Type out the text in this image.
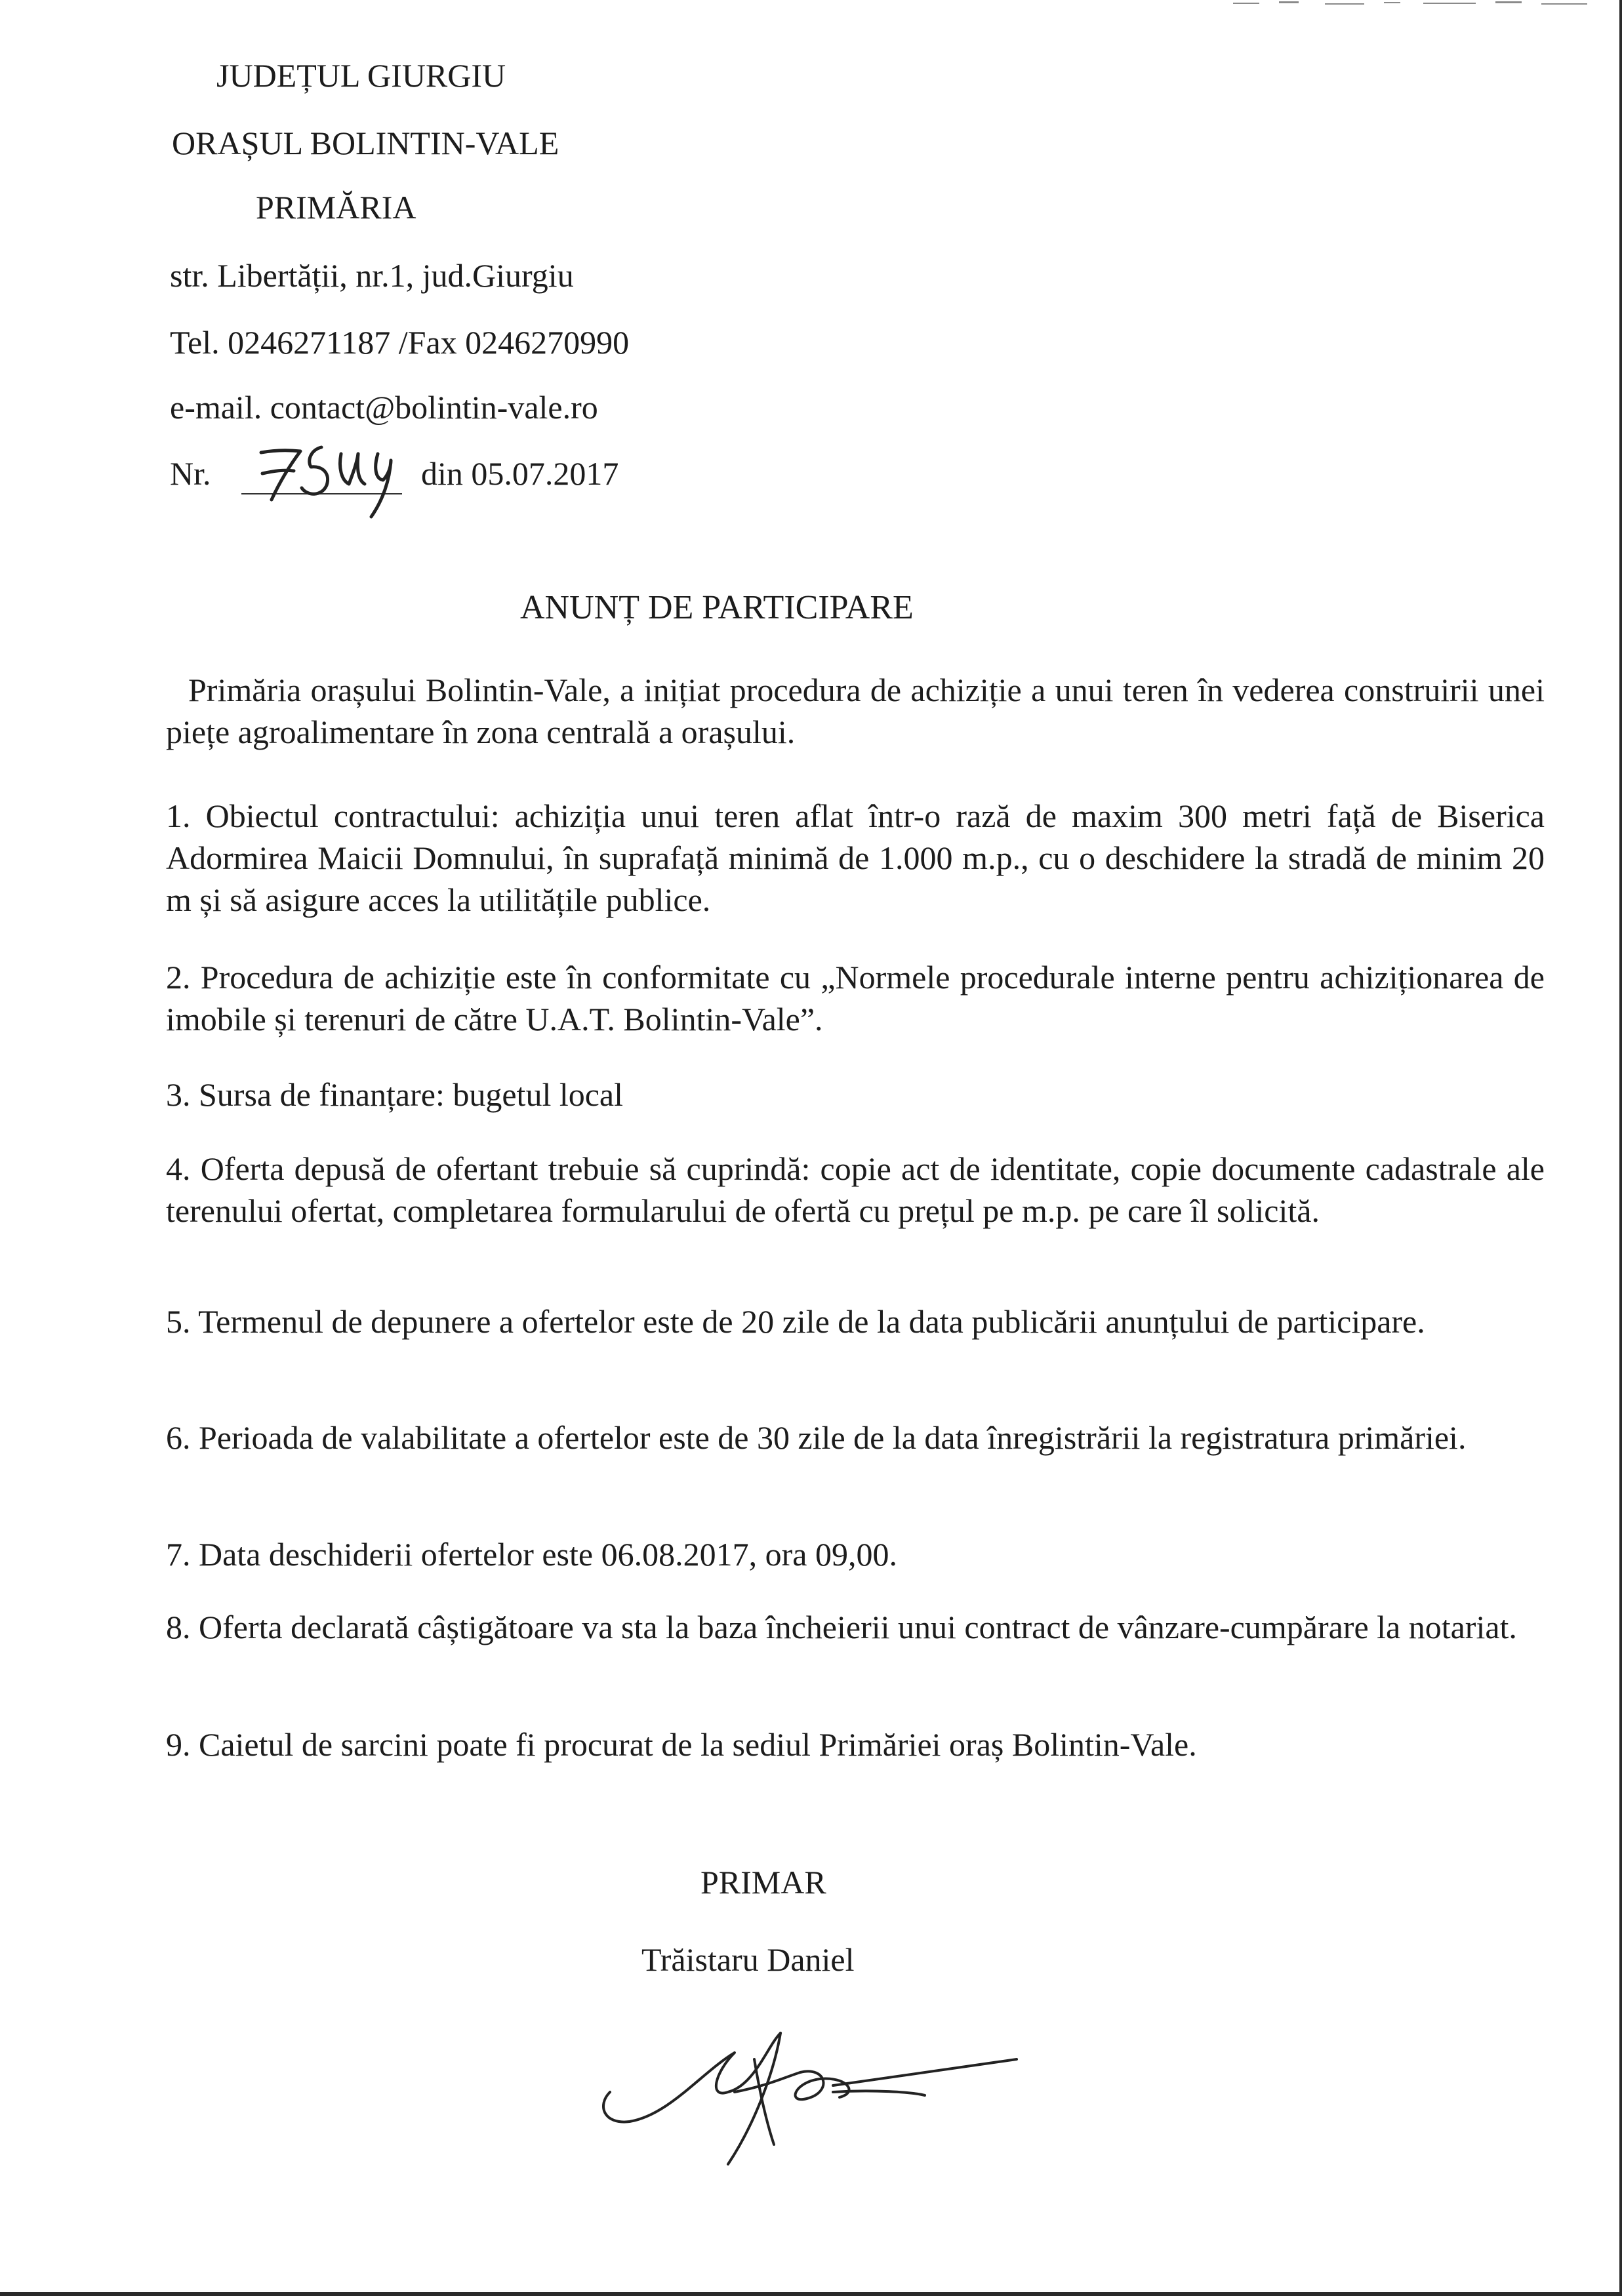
JUDEȚUL GIURGIU
ORAȘUL BOLINTIN-VALE
PRIMĂRIA
str. Libertății, nr.1, jud.Giurgiu
Tel. 0246271187 /Fax 0246270990
e-mail. contact@bolintin-vale.ro
Nr.	din 05.07.2017
ANUNȚ DE PARTICIPARE
Primăria orașului Bolintin-Vale, a inițiat procedura de achiziție a unui teren în vederea construirii unei piețe agroalimentare în zona centrală a orașului.
1. Obiectul contractului: achiziția unui teren aflat într-o rază de maxim 300 metri față de Biserica Adormirea Maicii Domnului, în suprafață minimă de 1.000 m.p., cu o deschidere la stradă de minim 20 m și să asigure acces la utilitățile publice.
2. Procedura de achiziție este în conformitate cu „Normele procedurale interne pentru achiziționarea de imobile și terenuri de către U.A.T. Bolintin-Vale”.
3. Sursa de finanțare: bugetul local
4. Oferta depusă de ofertant trebuie să cuprindă: copie act de identitate, copie documente cadastrale ale terenului ofertat, completarea formularului de ofertă cu prețul pe m.p. pe care îl solicită.
5. Termenul de depunere a ofertelor este de 20 zile de la data publicării anunțului de participare.
6. Perioada de valabilitate a ofertelor este de 30 zile de la data înregistrării la registratura primăriei.
7. Data deschiderii ofertelor este 06.08.2017, ora 09,00.
8. Oferta declarată câștigătoare va sta la baza încheierii unui contract de vânzare-cumpărare la notariat.
9. Caietul de sarcini poate fi procurat de la sediul Primăriei oraș Bolintin-Vale.
PRIMAR
Trăistaru Daniel
